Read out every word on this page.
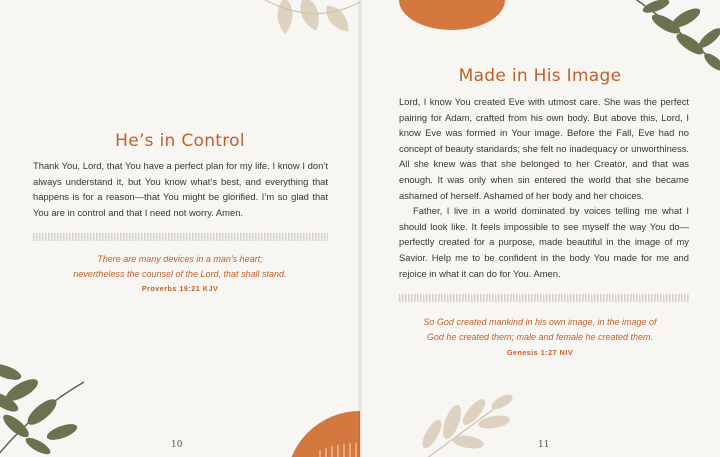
He’s in Control

Thank You, Lord, that You have a perfect plan for my life. I know I don’t always understand it, but You know what’s best, and everything that happens is for a reason—that You might be glorified. I’m so glad that You are in control and that I need not worry. Amen.

There are many devices in a man’s heart;
nevertheless the counsel of the Lord, that shall stand.
Proverbs 19:21 KJV
10
Made in His Image

Lord, I know You created Eve with utmost care. She was the perfect pairing for Adam, crafted from his own body. But above this, Lord, I know Eve was formed in Your image. Before the Fall, Eve had no concept of beauty standards; she felt no inadequacy or unworthiness. All she knew was that she belonged to her Creator, and that was enough. It was only when sin entered the world that she became ashamed of herself. Ashamed of her body and her choices.

Father, I live in a world dominated by voices telling me what I should look like. It feels impossible to see myself the way You do—perfectly created for a purpose, made beautiful in the image of my Savior. Help me to be confident in the body You made for me and rejoice in what it can do for You. Amen.

So God created mankind in his own image, in the image of
God he created them; male and female he created them.
Genesis 1:27 NIV
11
